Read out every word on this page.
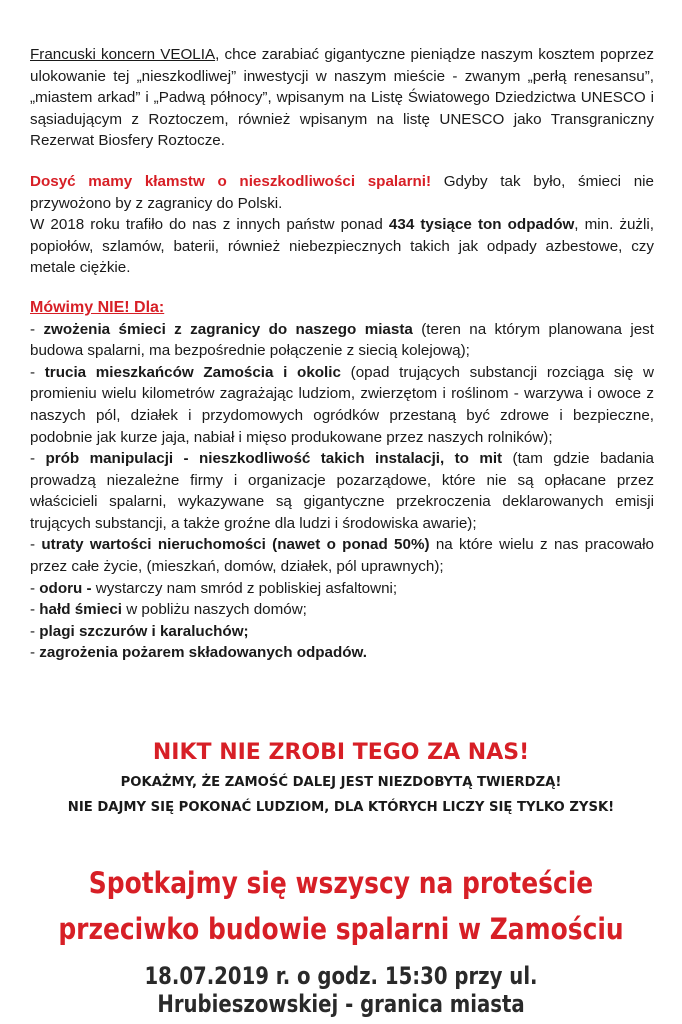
Francuski koncern VEOLIA, chce zarabiać gigantyczne pieniądze naszym kosztem poprzez ulokowanie tej „nieszkodliwej” inwestycji w naszym mieście - zwanym „perłą renesansu”, „miastem arkad” i „Padwą północy”, wpisanym na Listę Światowego Dziedzictwa UNESCO i sąsiadującym z Roztoczem, również wpisanym na listę UNESCO jako Transgraniczny Rezerwat Biosfery Roztocze.

Dosyć mamy kłamstw o nieszkodliwości spalarni! Gdyby tak było, śmieci nie przywożono by z zagranicy do Polski.

W 2018 roku trafiło do nas z innych państw ponad 434 tysiące ton odpadów, min. żużli, popiołów, szlamów, baterii, również niebezpiecznych takich jak odpady azbestowe, czy metale ciężkie.

Mówimy NIE! Dla:

- zwożenia śmieci z zagranicy do naszego miasta (teren na którym planowana jest budowa spalarni, ma bezpośrednie połączenie z siecią kolejową);

- trucia mieszkańców Zamościa i okolic (opad trujących substancji rozciąga się w promieniu wielu kilometrów zagrażając ludziom, zwierzętom i roślinom - warzywa i owoce z naszych pól, działek i przydomowych ogródków przestaną być zdrowe i bezpieczne, podobnie jak kurze jaja, nabiał i mięso produkowane przez naszych rolników);

- prób manipulacji - nieszkodliwość takich instalacji, to mit (tam gdzie badania prowadzą niezależne firmy i organizacje pozarządowe, które nie są opłacane przez właścicieli spalarni, wykazywane są gigantyczne przekroczenia deklarowanych emisji trujących substancji, a także groźne dla ludzi i środowiska awarie);

- utraty wartości nieruchomości (nawet o ponad 50%) na które wielu z nas pracowało przez całe życie, (mieszkań, domów, działek, pól uprawnych);

- odoru - wystarczy nam smród z pobliskiej asfaltowni;

- hałd śmieci w pobliżu naszych domów;

- plagi szczurów i karaluchów;

- zagrożenia pożarem składowanych odpadów.

NIKT NIE ZROBI TEGO ZA NAS!
POKAŻMY, ŻE ZAMOŚĆ DALEJ JEST NIEZDOBYTĄ TWIERDZĄ!
NIE DAJMY SIĘ POKONAĆ LUDZIOM, DLA KTÓRYCH LICZY SIĘ TYLKO ZYSK!
Spotkajmy się wszyscy na proteście
przeciwko budowie spalarni w Zamościu
18.07.2019 r. o godz. 15:30 przy ul. Hrubieszowskiej - granica miasta
